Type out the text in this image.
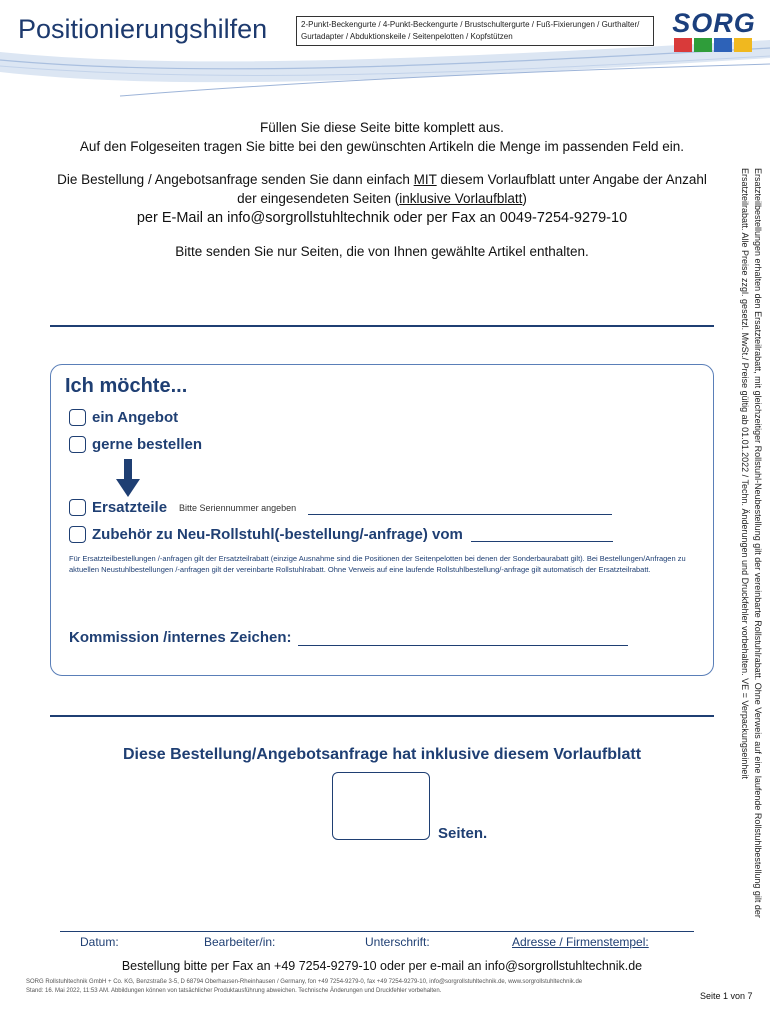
Positionierungshilfen	2-Punkt-Beckengurte / 4-Punkt-Beckengurte / Brustschultergurte / Fuß-Fixierungen / Gurthalter/ Gurtadapter / Abduktionskeile / Seitenpelotten / Kopfstützen	SORG

Füllen Sie diese Seite bitte komplett aus.
Auf den Folgeseiten tragen Sie bitte bei den gewünschten Artikeln die Menge im passenden Feld ein.

Die Bestellung / Angebotsanfrage senden Sie dann einfach MIT diesem Vorlaufblatt unter Angabe der Anzahl der eingesendeten Seiten (inklusive Vorlaufblatt)
per E-Mail an info@sorgrollstuhltechnik oder per Fax an 0049-7254-9279-10

Bitte senden Sie nur Seiten, die von Ihnen gewählte Artikel enthalten.	Ersatzteilbestellungen erhalten den Ersatzteilrabatt, mit gleichzeitiger Rollstuhl-Neubestellung gilt der vereinbarte Rollstuhlrabatt. Ohne Verweis auf eine laufende Rollstuhlbestellung gilt der Ersatzteilrabatt. Alle Preise zzgl. gesetzl. MwSt./ Preise gültig ab 01.01.2022 / Techn. Änderungen und Druckfehler vorbehalten. VE = Verpackungseinheit
Ich möchte...
ein Angebot
gerne bestellen
Ersatzteile Bitte Seriennummer angeben
Zubehör zu Neu-Rollstuhl(-bestellung/-anfrage) vom
Für Ersatzteilbestellungen /-anfragen gilt der Ersatzteilrabatt (einzige Ausnahme sind die Positionen der Seitenpelotten bei denen der Sonderbaurabatt gilt). Bei Bestellungen/Anfragen zu aktuellen Neustuhlbestellungen /-anfragen gilt der vereinbarte Rollstuhlrabatt. Ohne Verweis auf eine laufende Rollstuhlbestellung/-anfrage gilt automatisch der Ersatzteilrabatt.
Kommission /internes Zeichen:
Diese Bestellung/Angebotsanfrage hat inklusive diesem Vorlaufblatt
Seiten.
Datum:	Bearbeiter/in:	Unterschrift:	Adresse / Firmenstempel:
Bestellung bitte per Fax an +49 7254-9279-10 oder per e-mail an info@sorgrollstuhltechnik.de
SORG Rollstuhltechnik GmbH + Co. KG, Benzstraße 3-5, D 68794 Oberhausen-Rheinhausen / Germany, fon +49 7254-9279-0, fax +49 7254-9279-10, info@sorgrollstuhltechnik.de, www.sorgrollstuhltechnik.de
Stand: 16. Mai 2022, 11:53 AM. Abbildungen können von tatsächlicher Produktausführung abweichen. Technische Änderungen und Druckfehler vorbehalten.	Seite 1 von 7
